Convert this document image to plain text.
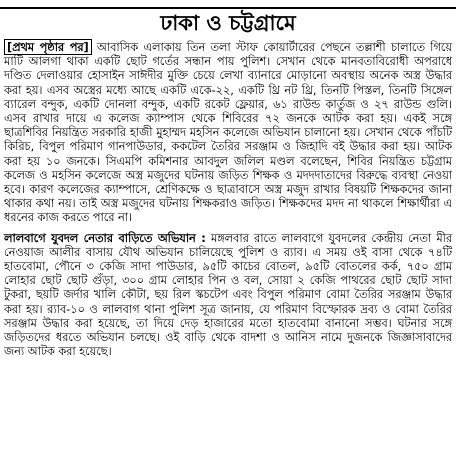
ঢাকা ও চট্টগ্রামে

[প্রথম পৃষ্ঠার পর] আবাসিক এলাকায় তিন তলা স্টাফ কোয়ার্টারের পেছনে তল্লাশী চালাতে গিয়ে মাটি আলগা থাকা একটি ছোট গর্তের সন্ধান পায় পুলিশ। সেখান থেকে মানবতাবিরোধী অপরাধে দণ্ডিত দেলাওয়ার হোসাইন সাঈদীর মুক্তি চেয়ে লেখা ব্যানারে মোড়ানো অবস্থায় অনেক অস্ত্র উদ্ধার করা হয়। এসব অস্ত্রের মধ্যে আছে একটি একে-২২, একটি থ্রি নট থ্রি, তিনটি পিস্তল, তিনটি সিঙ্গেল ব্যারেল বন্দুক, একটি দোনলা বন্দুক, একটি রকেট ফ্লেয়ার, ৬১ রাউন্ড কার্তুজ ও ২৭ রাউন্ড গুলি। এসব রাখার দায়ে এ কলেজ ক্যাম্পাস থেকে শিবিরের ৭২ জনকে আটক করা হয়। একই সঙ্গে ছাত্রশিবির নিয়ন্ত্রিত সরকারি হাজী মুহাম্মদ মহসিন কলেজে অভিযান চালানো হয়। সেখান থেকে পাঁচটি কিরিচ, বিপুল পরিমাণ গানপাউডার, ককটেল তৈরির সরঞ্জাম ও জিহাদি বই উদ্ধার করা হয়। আটক করা হয় ১০ জনকে। সিএমপি কমিশনার আবদুল জলিল মণ্ডল বলেছেন, শিবির নিয়ন্ত্রিত চট্টগ্রাম কলেজ ও মহসিন কলেজে অস্ত্র মজুদের ঘটনায় জড়িত শিক্ষক ও মদদদাতাদের বিরুদ্ধে ব্যবস্থা নেওয়া হবে। কারণ কলেজের ক্যাম্পাসে, শ্রেণিকক্ষে ও ছাত্রাবাসে অস্ত্র মজুদ রাখার বিষয়টি শিক্ষকদের জানা থাকার কথা নয়। তাই অস্ত্র মজুদের ঘটনায় শিক্ষকরাও জড়িত। শিক্ষকদের মদদ না থাকলে শিক্ষার্থীরা এ ধরনের কাজ করতে পারে না।

লালবাগে যুবদল নেতার বাড়িতে অভিযান : মঙ্গলবার রাতে লালবাগে যুবদলের কেন্দ্রীয় নেতা মীর নেওয়াজ আলীর বাসায় যৌথ অভিযান চালিয়েছে পুলিশ ও র‍্যাব। এ সময় ওই বাসা থেকে ৭৪টি হাতবোমা, পৌনে ৩ কেজি সাদা পাউডার, ৯৫টি কাচের বোতল, ৯৫টি বোতলের কর্ক, ৭৫০ গ্রাম লোহার ছোট ছোট গুঁড়া, ৩০০ গ্রাম লোহার পিন ও বল, সোয়া ২ কেজি পাথরের ছোট ছোট সাদা টুকরা, ছয়টি জর্দার খালি কৌটা, ছয় রিল স্কচটেপ এবং বিপুল পরিমাণ বোমা তৈরির সরঞ্জাম উদ্ধার করা হয়। র‍্যাব-১০ ও লালবাগ থানা পুলিশ সূত্র জানায়, যে পরিমাণ বিস্ফোরক দ্রব্য ও বোমা তৈরির সরঞ্জাম উদ্ধার করা হয়েছে, তা দিয়ে দেড় হাজারের মতো হাতবোমা বানানো সম্ভব। ঘটনার সঙ্গে জড়িতদের ধরতে অভিযান চলছে। ওই বাড়ি থেকে বাদশা ও আনিস নামে দুজনকে জিজ্ঞাসাবাদের জন্য আটক করা হয়েছে।
